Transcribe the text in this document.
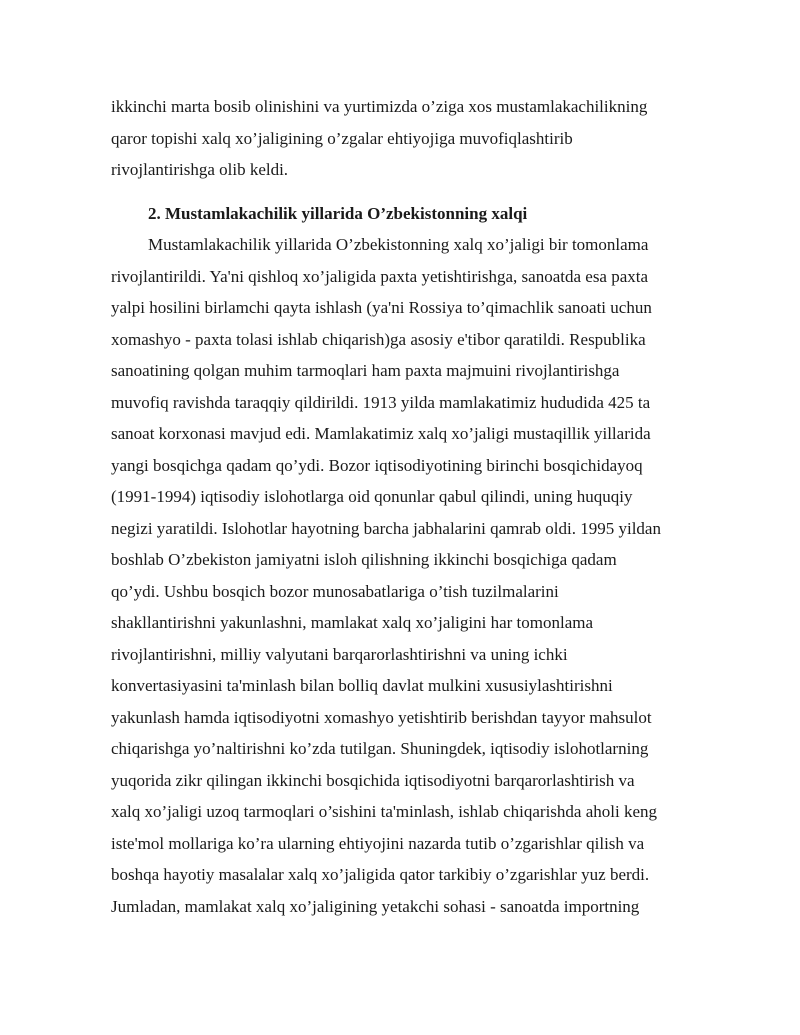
ikkinchi marta bosib olinishini va yurtimizda o’ziga xos mustamlakachilikning
qaror topishi xalq xo’jaligining o’zgalar ehtiyojiga muvofiqlashtirib
rivojlantirishga olib keldi.
2. Mustamlakachilik yillarida O’zbekistonning xalqi
Mustamlakachilik yillarida O’zbekistonning xalq xo’jaligi bir tomonlama
rivojlantirildi. Ya'ni qishloq xo’jaligida paxta yetishtirishga, sanoatda esa paxta
yalpi hosilini birlamchi qayta ishlash (ya'ni Rossiya to’qimachlik sanoati uchun
xomashyo - paxta tolasi ishlab chiqarish)ga asosiy e'tibor qaratildi. Respublika
sanoatining qolgan muhim tarmoqlari ham paxta majmuini rivojlantirishga
muvofiq ravishda taraqqiy qildirildi. 1913 yilda mamlakatimiz hududida 425 ta
sanoat korxonasi mavjud edi. Mamlakatimiz xalq xo’jaligi mustaqillik yillarida
yangi bosqichga qadam qo’ydi. Bozor iqtisodiyotining birinchi bosqichidayoq
(1991-1994) iqtisodiy islohotlarga oid qonunlar qabul qilindi, uning huquqiy
negizi yaratildi. Islohotlar hayotning barcha jabhalarini qamrab oldi. 1995 yildan
boshlab O’zbekiston jamiyatni isloh qilishning ikkinchi bosqichiga qadam
qo’ydi. Ushbu bosqich bozor munosabatlariga o’tish tuzilmalarini
shakllantirishni yakunlashni, mamlakat xalq xo’jaligini har tomonlama
rivojlantirishni, milliy valyutani barqarorlashtirishni va uning ichki
konvertasiyasini ta'minlash bilan bolliq davlat mulkini xususiylashtirishni
yakunlash hamda iqtisodiyotni xomashyo yetishtirib berishdan tayyor mahsulot
chiqarishga yo’naltirishni ko’zda tutilgan. Shuningdek, iqtisodiy islohotlarning
yuqorida zikr qilingan ikkinchi bosqichida iqtisodiyotni barqarorlashtirish va
xalq xo’jaligi uzoq tarmoqlari o’sishini ta'minlash, ishlab chiqarishda aholi keng
iste'mol mollariga ko’ra ularning ehtiyojini nazarda tutib o’zgarishlar qilish va
boshqa hayotiy masalalar xalq xo’jaligida qator tarkibiy o’zgarishlar yuz berdi.
Jumladan, mamlakat xalq xo’jaligining yetakchi sohasi - sanoatda importning
